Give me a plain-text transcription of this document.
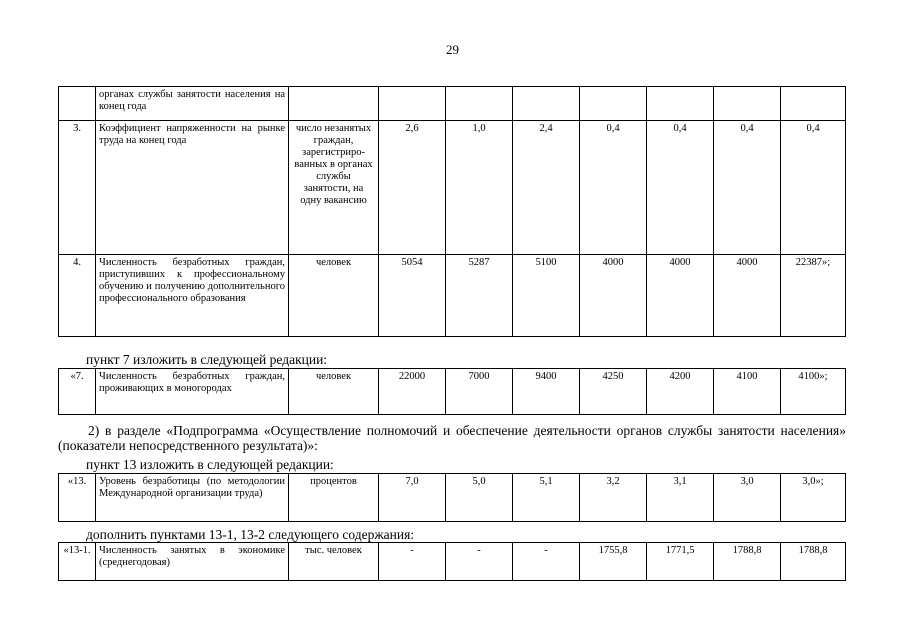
29
	органах службы занятости населения на конец года								
3.	Коэффициент напряженности на рынке труда на конец года	число незанятых граждан, зарегистриро-ванных в органах службы занятости, на одну вакансию	2,6	1,0	2,4	0,4	0,4	0,4	0,4
4.	Численность безработных граждан, приступивших к профессиональному обучению и получению дополнительного профессионального образования	человек	5054	5287	5100	4000	4000	4000	22387»;
пункт 7 изложить в следующей редакции:
«7.	Численность безработных граждан, проживающих в моногородах	человек	22000	7000	9400	4250	4200	4100	4100»;
2) в разделе «Подпрограмма «Осуществление полномочий и обеспечение деятельности органов службы занятости населения» (показатели непосредственного результата)»:
пункт 13 изложить в следующей редакции:
«13.	Уровень безработицы (по методологии Международной организации труда)	процентов	7,0	5,0	5,1	3,2	3,1	3,0	3,0»;
дополнить пунктами 13-1, 13-2 следующего содержания:
«13-1.	Численность занятых в экономике (среднегодовая)	тыс. человек	-	-	-	1755,8	1771,5	1788,8	1788,8
